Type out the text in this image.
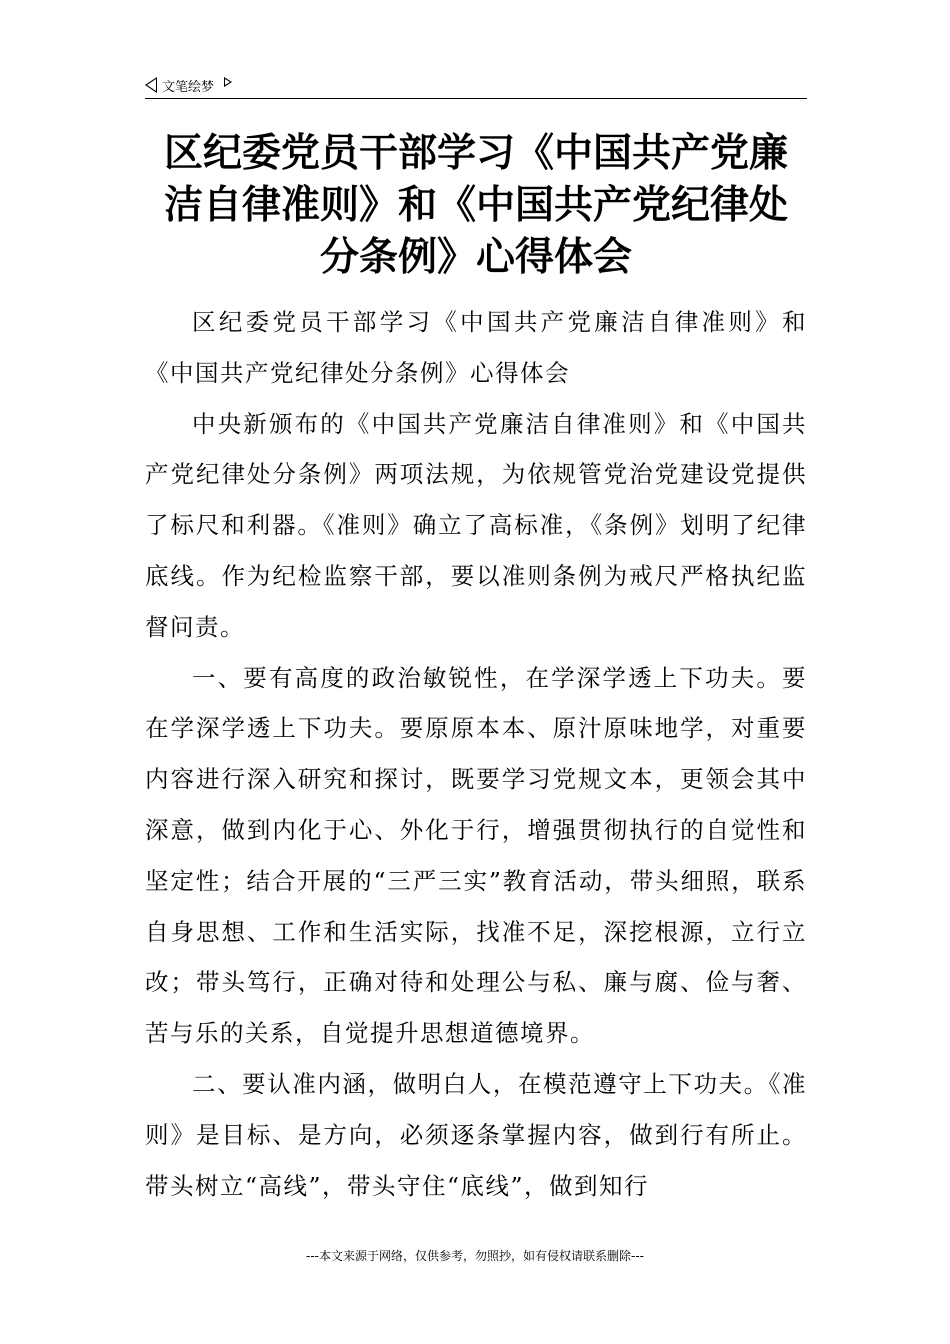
文笔绘梦
区纪委党员干部学习《中国共产党廉洁自律准则》和《中国共产党纪律处分条例》心得体会

区纪委党员干部学习《中国共产党廉洁自律准则》和《中国共产党纪律处分条例》心得体会

中央新颁布的《中国共产党廉洁自律准则》和《中国共产党纪律处分条例》两项法规，为依规管党治党建设党提供了标尺和利器。《准则》确立了高标准，《条例》划明了纪律底线。作为纪检监察干部，要以准则条例为戒尺严格执纪监督问责。

一、要有高度的政治敏锐性，在学深学透上下功夫。要在学深学透上下功夫。要原原本本、原汁原味地学，对重要内容进行深入研究和探讨，既要学习党规文本，更领会其中深意，做到内化于心、外化于行，增强贯彻执行的自觉性和坚定性；结合开展的“三严三实”教育活动，带头细照，联系自身思想、工作和生活实际，找准不足，深挖根源，立行立改；带头笃行，正确对待和处理公与私、廉与腐、俭与奢、苦与乐的关系，自觉提升思想道德境界。

二、要认准内涵，做明白人，在模范遵守上下功夫。《准则》是目标、是方向，必须逐条掌握内容，做到行有所止。带头树立“高线”，带头守住“底线”，做到知行

---本文来源于网络，仅供参考，勿照抄，如有侵权请联系删除---
